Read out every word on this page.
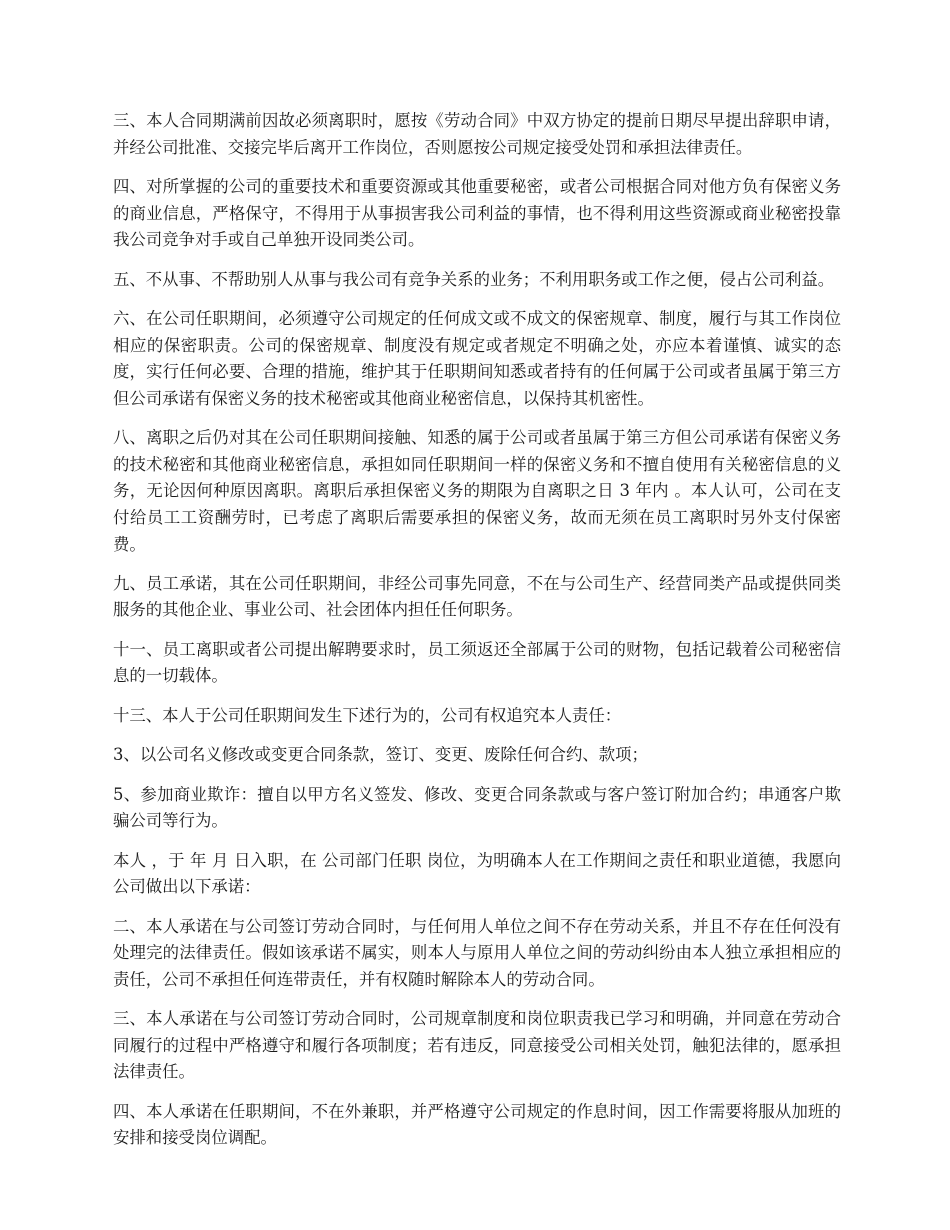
三、本人合同期满前因故必须离职时，愿按《劳动合同》中双方协定的提前日期尽早提出辞职申请，并经公司批准、交接完毕后离开工作岗位，否则愿按公司规定接受处罚和承担法律责任。

四、对所掌握的公司的重要技术和重要资源或其他重要秘密，或者公司根据合同对他方负有保密义务的商业信息，严格保守，不得用于从事损害我公司利益的事情，也不得利用这些资源或商业秘密投靠我公司竞争对手或自己单独开设同类公司。

五、不从事、不帮助别人从事与我公司有竞争关系的业务；不利用职务或工作之便，侵占公司利益。

六、在公司任职期间，必须遵守公司规定的任何成文或不成文的保密规章、制度，履行与其工作岗位相应的保密职责。公司的保密规章、制度没有规定或者规定不明确之处，亦应本着谨慎、诚实的态度，实行任何必要、合理的措施，维护其于任职期间知悉或者持有的任何属于公司或者虽属于第三方但公司承诺有保密义务的技术秘密或其他商业秘密信息，以保持其机密性。

八、离职之后仍对其在公司任职期间接触、知悉的属于公司或者虽属于第三方但公司承诺有保密义务的技术秘密和其他商业秘密信息，承担如同任职期间一样的保密义务和不擅自使用有关秘密信息的义务，无论因何种原因离职。离职后承担保密义务的期限为自离职之日 3 年内 。本人认可，公司在支付给员工工资酬劳时，已考虑了离职后需要承担的保密义务，故而无须在员工离职时另外支付保密费。

九、员工承诺，其在公司任职期间，非经公司事先同意，不在与公司生产、经营同类产品或提供同类服务的其他企业、事业公司、社会团体内担任任何职务。

十一、员工离职或者公司提出解聘要求时，员工须返还全部属于公司的财物，包括记载着公司秘密信息的一切载体。

十三、本人于公司任职期间发生下述行为的，公司有权追究本人责任：

3、以公司名义修改或变更合同条款，签订、变更、废除任何合约、款项；

5、参加商业欺诈：擅自以甲方名义签发、修改、变更合同条款或与客户签订附加合约；串通客户欺骗公司等行为。

本人 ，于 年 月 日入职，在 公司部门任职 岗位，为明确本人在工作期间之责任和职业道德，我愿向公司做出以下承诺：

二、本人承诺在与公司签订劳动合同时，与任何用人单位之间不存在劳动关系，并且不存在任何没有处理完的法律责任。假如该承诺不属实，则本人与原用人单位之间的劳动纠纷由本人独立承担相应的责任，公司不承担任何连带责任，并有权随时解除本人的劳动合同。

三、本人承诺在与公司签订劳动合同时，公司规章制度和岗位职责我已学习和明确，并同意在劳动合同履行的过程中严格遵守和履行各项制度；若有违反，同意接受公司相关处罚，触犯法律的，愿承担法律责任。

四、本人承诺在任职期间，不在外兼职，并严格遵守公司规定的作息时间，因工作需要将服从加班的安排和接受岗位调配。
